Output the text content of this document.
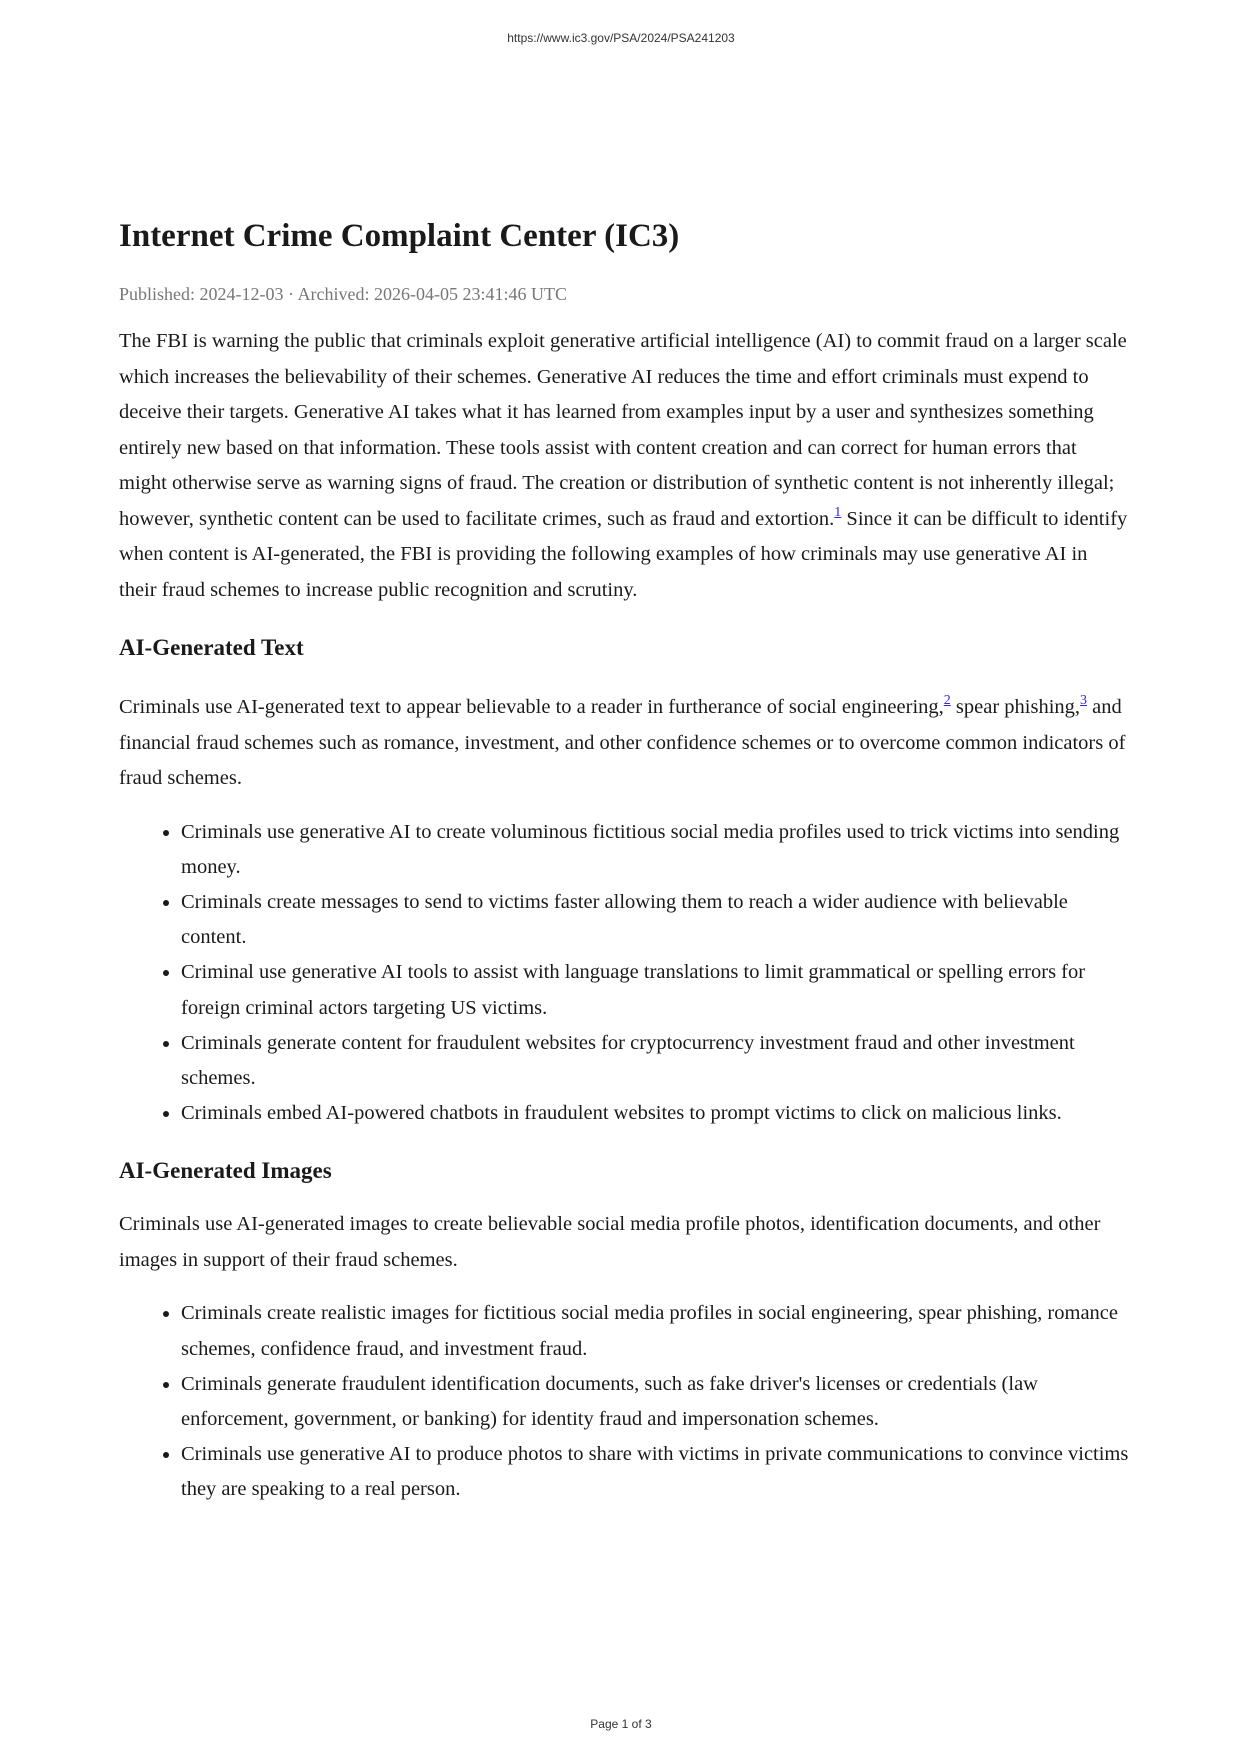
https://www.ic3.gov/PSA/2024/PSA241203
Internet Crime Complaint Center (IC3)
Published: 2024-12-03 · Archived: 2026-04-05 23:41:46 UTC

The FBI is warning the public that criminals exploit generative artificial intelligence (AI) to commit fraud on a larger scale which increases the believability of their schemes. Generative AI reduces the time and effort criminals must expend to deceive their targets. Generative AI takes what it has learned from examples input by a user and synthesizes something entirely new based on that information. These tools assist with content creation and can correct for human errors that might otherwise serve as warning signs of fraud. The creation or distribution of synthetic content is not inherently illegal; however, synthetic content can be used to facilitate crimes, such as fraud and extortion.$^1$ Since it can be difficult to identify when content is AI-generated, the FBI is providing the following examples of how criminals may use generative AI in their fraud schemes to increase public recognition and scrutiny.

AI-Generated Text

Criminals use AI-generated text to appear believable to a reader in furtherance of social engineering,$^2$ spear phishing,$^3$ and financial fraud schemes such as romance, investment, and other confidence schemes or to overcome common indicators of fraud schemes.

• Criminals use generative AI to create voluminous fictitious social media profiles used to trick victims into sending money.
• Criminals create messages to send to victims faster allowing them to reach a wider audience with believable content.
• Criminal use generative AI tools to assist with language translations to limit grammatical or spelling errors for foreign criminal actors targeting US victims.
• Criminals generate content for fraudulent websites for cryptocurrency investment fraud and other investment schemes.
• Criminals embed AI-powered chatbots in fraudulent websites to prompt victims to click on malicious links.
AI-Generated Images

Criminals use AI-generated images to create believable social media profile photos, identification documents, and other images in support of their fraud schemes.

• Criminals create realistic images for fictitious social media profiles in social engineering, spear phishing, romance schemes, confidence fraud, and investment fraud.
• Criminals generate fraudulent identification documents, such as fake driver's licenses or credentials (law enforcement, government, or banking) for identity fraud and impersonation schemes.
• Criminals use generative AI to produce photos to share with victims in private communications to convince victims they are speaking to a real person.
Page 1 of 3
